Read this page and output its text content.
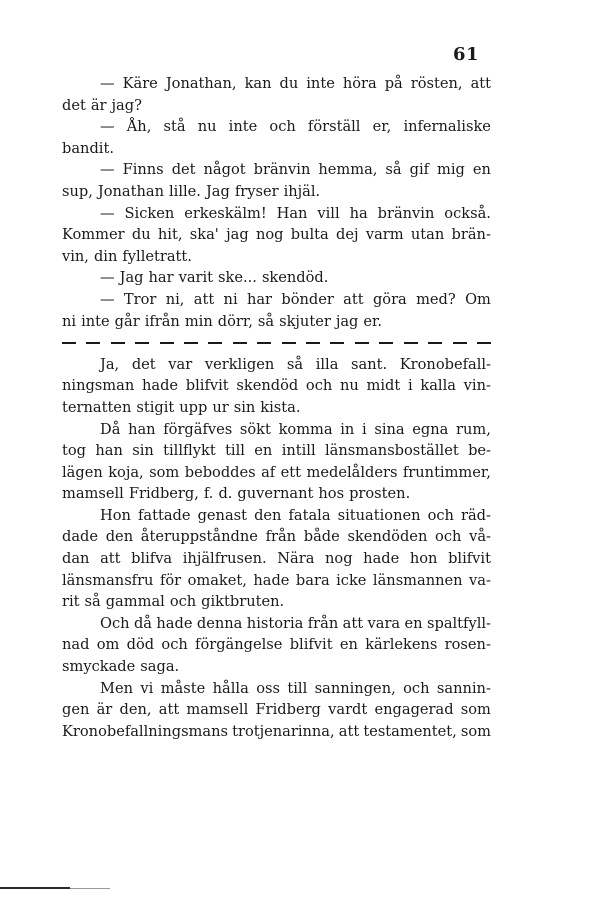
61
— Käre Jonathan, kan du inte höra på rösten, att
det är jag?
— Åh, stå nu inte och förställ er, infernaliske
bandit.
— Finns det något bränvin hemma, så gif mig en
sup, Jonathan lille. Jag fryser ihjäl.
— Sicken erkeskälm! Han vill ha bränvin också.
Kommer du hit, ska' jag nog bulta dej varm utan brän-
vin, din fylletratt.
— Jag har varit ske... skendöd.
— Tror ni, att ni har bönder att göra med? Om
ni inte går ifrån min dörr, så skjuter jag er.
Ja, det var verkligen så illa sant. Kronobefall-
ningsman hade blifvit skendöd och nu midt i kalla vin-
ternatten stigit upp ur sin kista.
Då han förgäfves sökt komma in i sina egna rum,
tog han sin tillflykt till en intill länsmansbostället be-
lägen koja, som beboddes af ett medelålders fruntimmer,
mamsell Fridberg, f. d. guvernant hos prosten.
Hon fattade genast den fatala situationen och räd-
dade den återuppståndne från både skendöden och vå-
dan att blifva ihjälfrusen. Nära nog hade hon blifvit
länsmansfru för omaket, hade bara icke länsmannen va-
rit så gammal och giktbruten.
Och då hade denna historia från att vara en spaltfyll-
nad om död och förgängelse blifvit en kärlekens rosen-
smyckade saga.
Men vi måste hålla oss till sanningen, och sannin-
gen är den, att mamsell Fridberg vardt engagerad som
Kronobefallningsmans trotjenarinna, att testamentet, som
